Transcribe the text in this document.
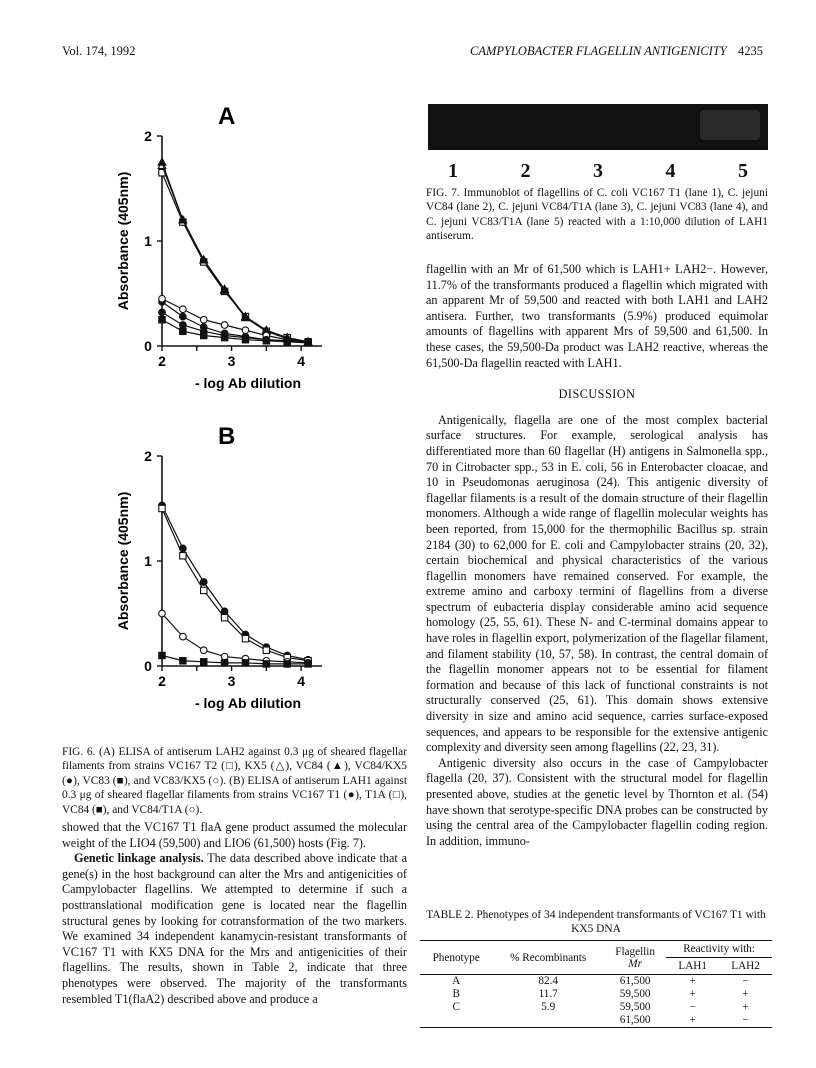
Vol. 174, 1992	CAMPYLOBACTER FLAGELLIN ANTIGENICITY 4235
A
0
1
2
2	3	4
- log Ab dilution
Absorbance (405nm)
B
0
1
2
2	3	4
- log Ab dilution
Absorbance (405nm)
FIG. 6. (A) ELISA of antiserum LAH2 against 0.3 μg of sheared flagellar filaments from strains VC167 T2 (□), KX5 (△), VC84 (▲), VC84/KX5 (●), VC83 (■), and VC83/KX5 (○). (B) ELISA of antiserum LAH1 against 0.3 μg of sheared flagellar filaments from strains VC167 T1 (●), T1A (□), VC84 (■), and VC84/T1A (○).

showed that the VC167 T1 flaA gene product assumed the molecular weight of the LIO4 (59,500) and LIO6 (61,500) hosts (Fig. 7).

Genetic linkage analysis. The data described above indicate that a gene(s) in the host background can alter the Mrs and antigenicities of Campylobacter flagellins. We attempted to determine if such a posttranslational modification gene is located near the flagellin structural genes by looking for cotransformation of the two markers. We examined 34 independent kanamycin-resistant transformants of VC167 T1 with KX5 DNA for the Mrs and antigenicities of their flagellins. The results, shown in Table 2, indicate that three phenotypes were observed. The majority of the transformants resembled T1(flaA2) described above and produce a

1	2	3	4	5
FIG. 7. Immunoblot of flagellins of C. coli VC167 T1 (lane 1), C. jejuni VC84 (lane 2), C. jejuni VC84/T1A (lane 3), C. jejuni VC83 (lane 4), and C. jejuni VC83/T1A (lane 5) reacted with a 1:10,000 dilution of LAH1 antiserum.

flagellin with an Mr of 61,500 which is LAH1+ LAH2−. However, 11.7% of the transformants produced a flagellin which migrated with an apparent Mr of 59,500 and reacted with both LAH1 and LAH2 antisera. Further, two transformants (5.9%) produced equimolar amounts of flagellins with apparent Mrs of 59,500 and 61,500. In these cases, the 59,500-Da product was LAH2 reactive, whereas the 61,500-Da flagellin reacted with LAH1.

DISCUSSION

Antigenically, flagella are one of the most complex bacterial surface structures. For example, serological analysis has differentiated more than 60 flagellar (H) antigens in Salmonella spp., 70 in Citrobacter spp., 53 in E. coli, 56 in Enterobacter cloacae, and 10 in Pseudomonas aeruginosa (24). This antigenic diversity of flagellar filaments is a result of the domain structure of their flagellin monomers. Although a wide range of flagellin molecular weights has been reported, from 15,000 for the thermophilic Bacillus sp. strain 2184 (30) to 62,000 for E. coli and Campylobacter strains (20, 32), certain biochemical and physical characteristics of the various flagellin monomers have remained conserved. For example, the extreme amino and carboxy termini of flagellins from a diverse spectrum of eubacteria display considerable amino acid sequence homology (25, 55, 61). These N- and C-terminal domains appear to have roles in flagellin export, polymerization of the flagellar filament, and filament stability (10, 57, 58). In contrast, the central domain of the flagellin monomer appears not to be essential for filament formation and because of this lack of functional constraints is not structurally conserved (25, 61). This domain shows extensive diversity in size and amino acid sequence, carries surface-exposed sequences, and appears to be responsible for the extensive antigenic complexity and diversity seen among flagellins (22, 23, 31).

Antigenic diversity also occurs in the case of Campylobacter flagella (20, 37). Consistent with the structural model for flagellin presented above, studies at the genetic level by Thornton et al. (54) have shown that serotype-specific DNA probes can be constructed by using the central area of the Campylobacter flagellin coding region. In addition, immuno-

TABLE 2. Phenotypes of 34 independent transformants of VC167 T1 with KX5 DNA
Phenotype	% Recombinants	Flagellin
Mr	Reactivity with:	
			LAH1	LAH2
A	82.4	61,500	+	−
B	11.7	59,500	+	+
C	5.9	59,500	−	+
		61,500	+	−
